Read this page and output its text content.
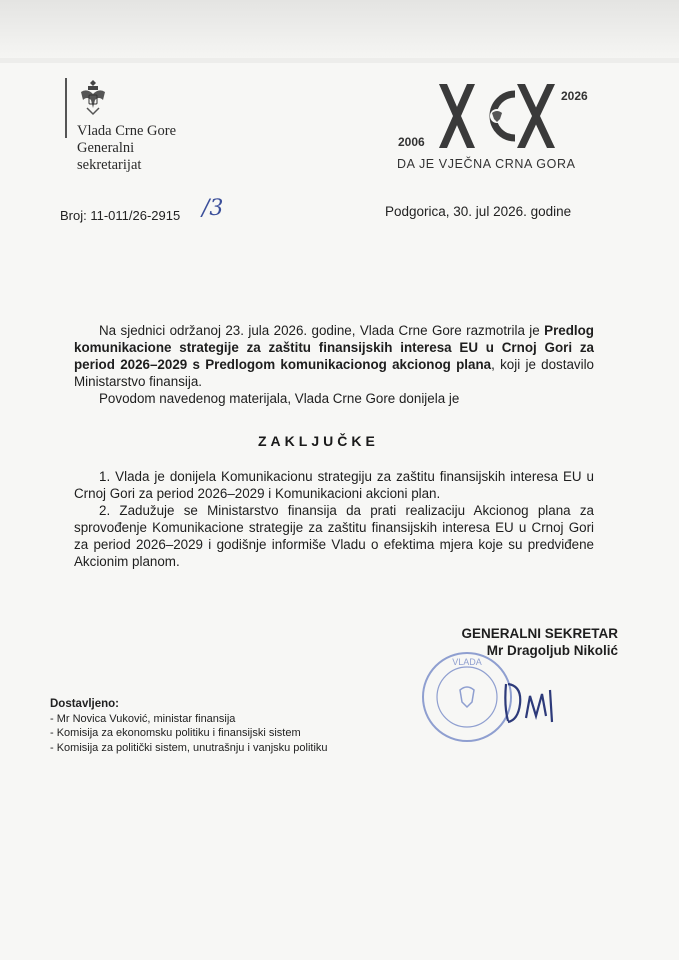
Vlada Crne Gore
Generalni
sekretarijat
2006
2026
DA JE VJEČNA CRNA GORA
Broj: 11-011/26-2915 /3	Podgorica, 30. jul 2026. godine

Na sjednici održanoj 23. jula 2026. godine, Vlada Crne Gore razmotrila je Predlog komunikacione strategije za zaštitu finansijskih interesa EU u Crnoj Gori za period 2026–2029 s Predlogom komunikacionog akcionog plana, koji je dostavilo Ministarstvo finansija.

Povodom navedenog materijala, Vlada Crne Gore donijela je

ZAKLJUČKE

1. Vlada je donijela Komunikacionu strategiju za zaštitu finansijskih interesa EU u Crnoj Gori za period 2026–2029 i Komunikacioni akcioni plan.

2. Zadužuje se Ministarstvo finansija da prati realizaciju Akcionog plana za sprovođenje Komunikacione strategije za zaštitu finansijskih interesa EU u Crnoj Gori za period 2026–2029 i godišnje informiše Vladu o efektima mjera koje su predviđene Akcionim planom.

GENERALNI SEKRETAR
Mr Dragoljub Nikolić
VLADA
Dostavljeno:
- Mr Novica Vuković, ministar finansija
- Komisija za ekonomsku politiku i finansijski sistem
- Komisija za politički sistem, unutrašnju i vanjsku politiku
